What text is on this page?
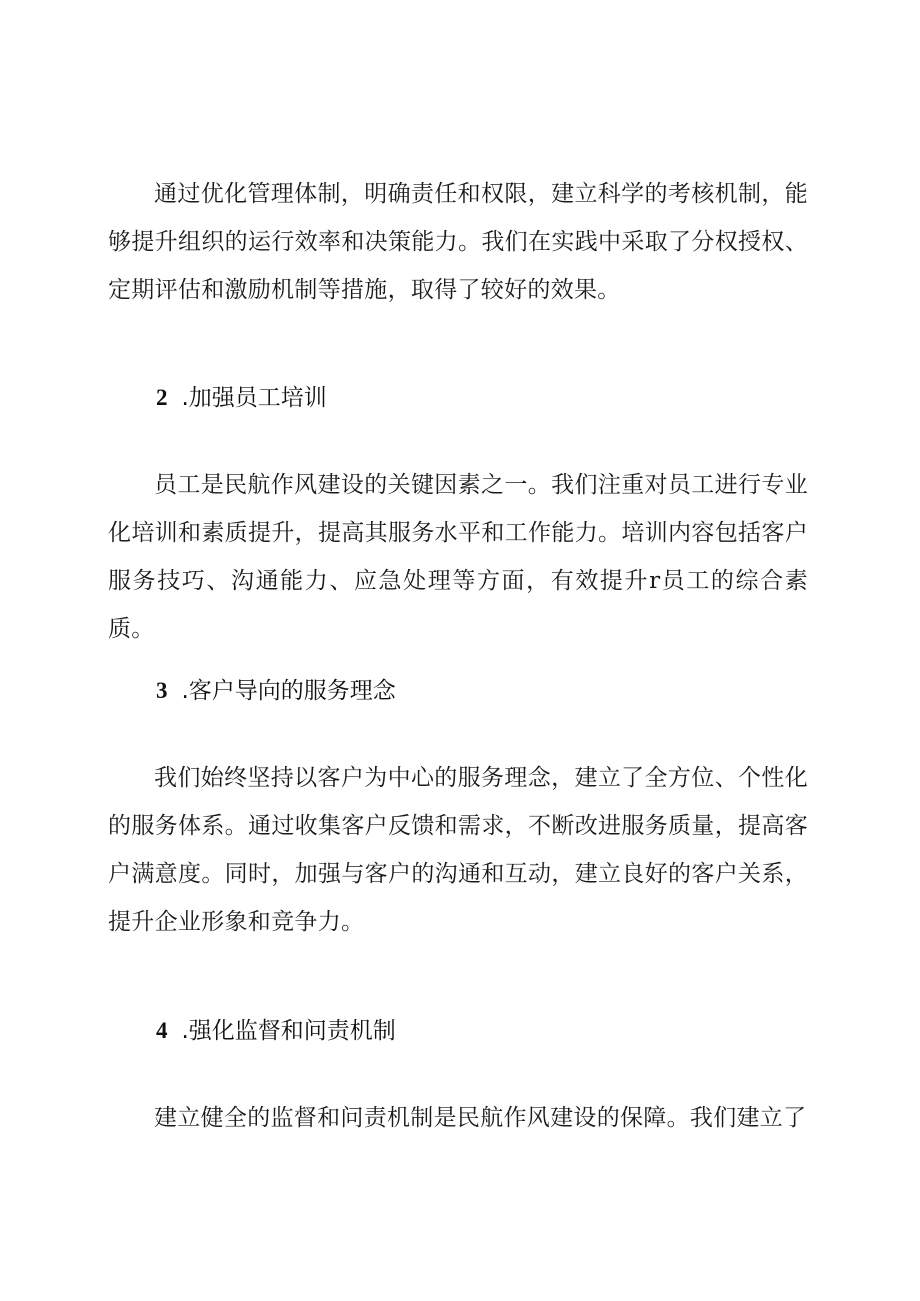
通过优化管理体制，明确责任和权限，建立科学的考核机制，能够提升组织的运行效率和决策能力。我们在实践中采取了分权授权、定期评估和激励机制等措施，取得了较好的效果。

2 .加强员工培训

员工是民航作风建设的关键因素之一。我们注重对员工进行专业化培训和素质提升，提高其服务水平和工作能力。培训内容包括客户服务技巧、沟通能力、应急处理等方面，有效提升r员工的综合素质。

3 .客户导向的服务理念

我们始终坚持以客户为中心的服务理念，建立了全方位、个性化的服务体系。通过收集客户反馈和需求，不断改进服务质量，提高客户满意度。同时，加强与客户的沟通和互动，建立良好的客户关系，提升企业形象和竞争力。

4 .强化监督和问责机制

建立健全的监督和问责机制是民航作风建设的保障。我们建立了
